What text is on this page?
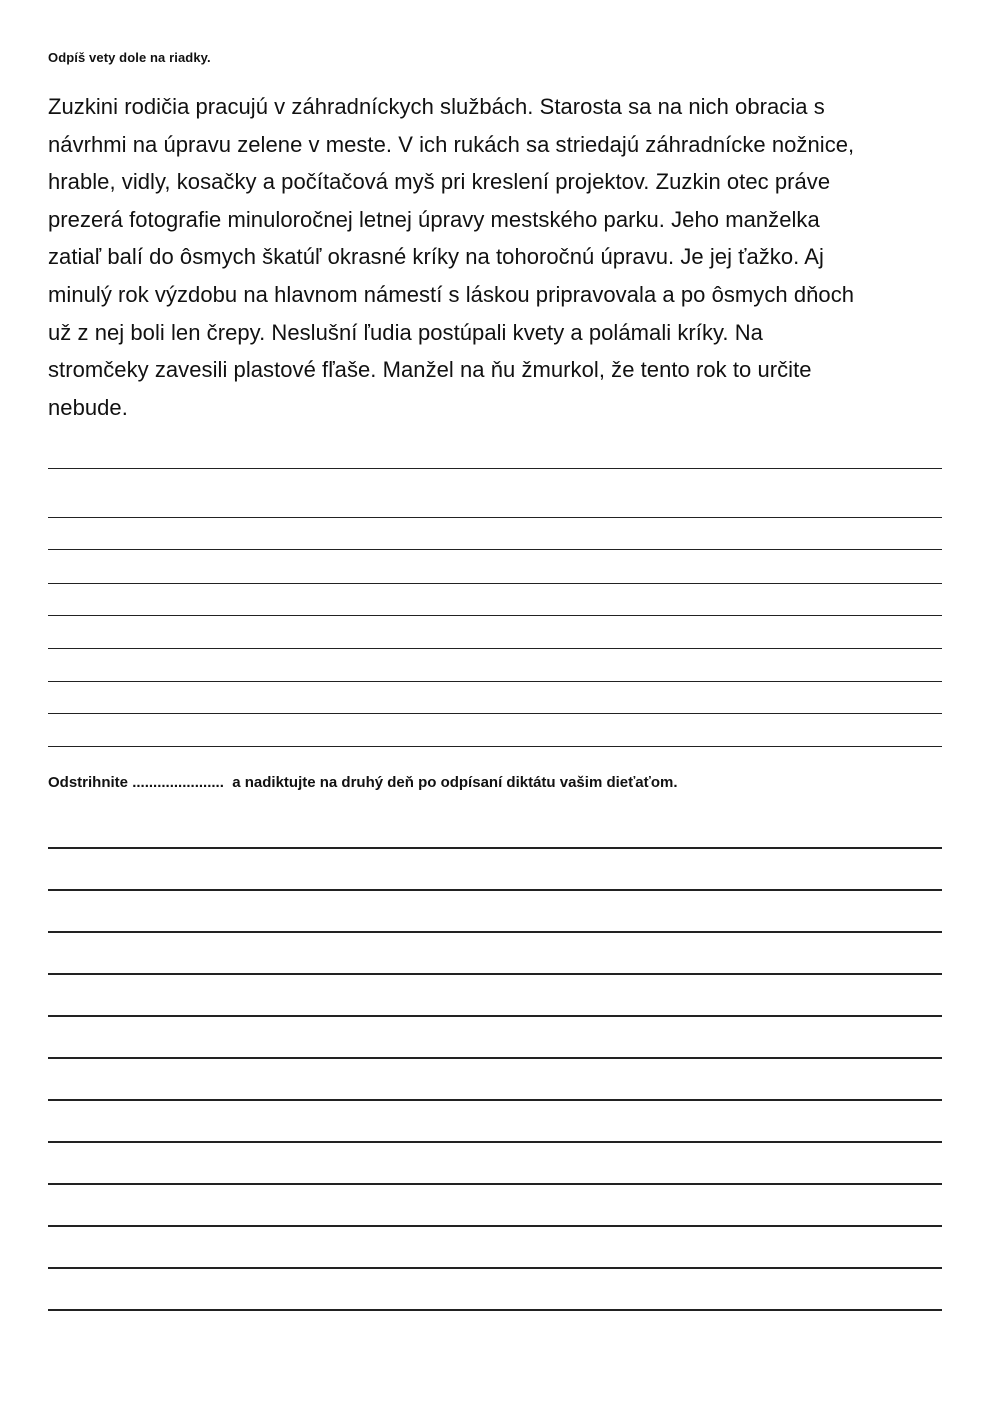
Odpíš vety dole na riadky.
Zuzkini rodičia pracujú v záhradníckych službách. Starosta sa na nich obracia s
návrhmi na úpravu zelene v meste. V ich rukách sa striedajú záhradnícke nožnice,
hrable, vidly, kosačky a počítačová myš pri kreslení projektov. Zuzkin otec práve
prezerá fotografie minuloročnej letnej úpravy mestského parku. Jeho manželka
zatiaľ balí do ôsmych škatúľ okrasné kríky na tohoročnú úpravu. Je jej ťažko. Aj
minulý rok výzdobu na hlavnom námestí s láskou pripravovala a po ôsmych dňoch
už z nej boli len črepy. Neslušní ľudia postúpali kvety a polámali kríky. Na
stromčeky zavesili plastové fľaše. Manžel na ňu žmurkol, že tento rok to určite
nebude.
Odstrihnite ...................... a nadiktujte na druhý deň po odpísaní diktátu vašim dieťaťom.
